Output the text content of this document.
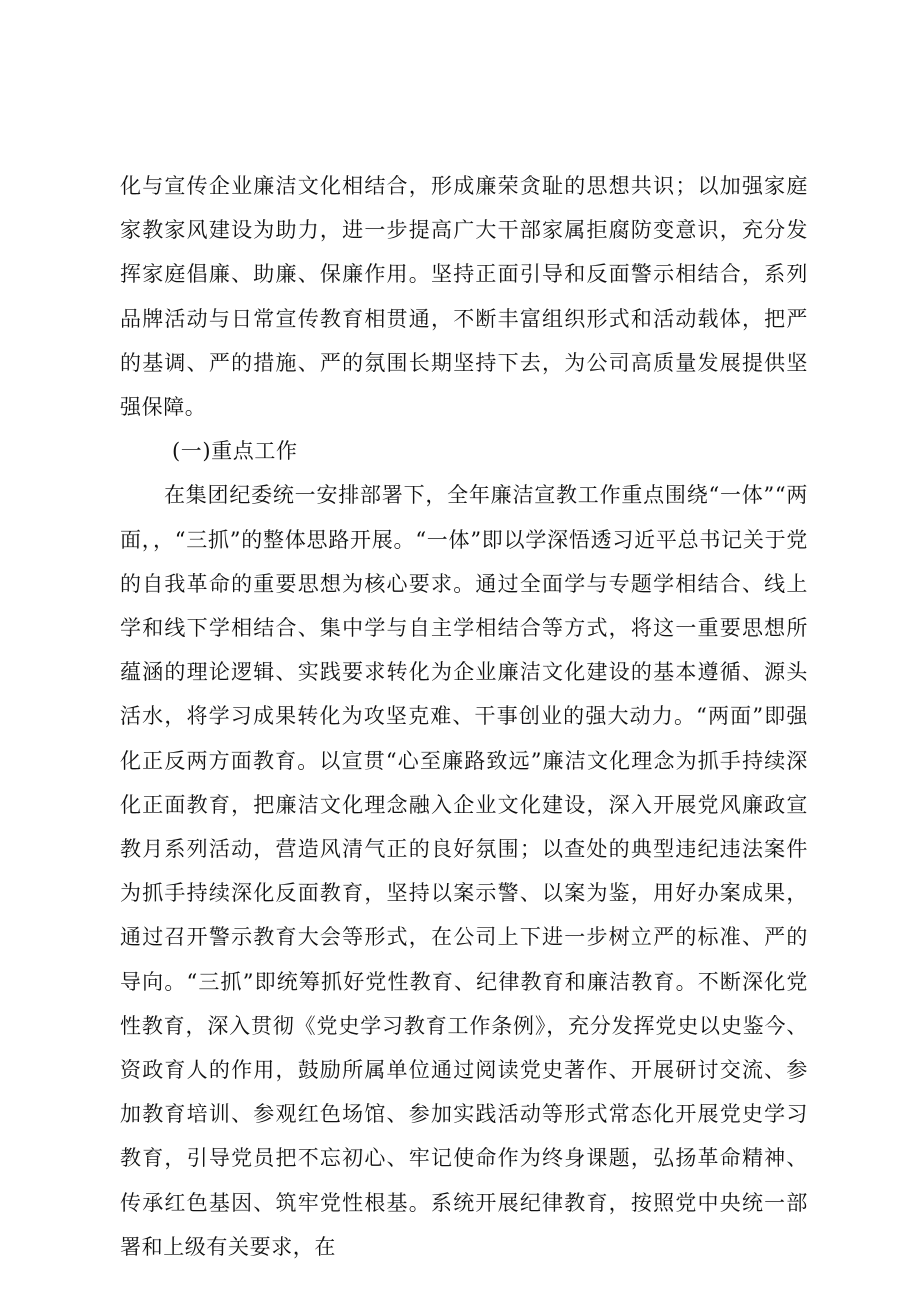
化与宣传企业廉洁文化相结合，形成廉荣贪耻的思想共识；以加强家庭家教家风建设为助力，进一步提高广大干部家属拒腐防变意识，充分发挥家庭倡廉、助廉、保廉作用。坚持正面引导和反面警示相结合，系列品牌活动与日常宣传教育相贯通，不断丰富组织形式和活动载体，把严的基调、严的措施、严的氛围长期坚持下去，为公司高质量发展提供坚强保障。

(一)重点工作

在集团纪委统一安排部署下，全年廉洁宣教工作重点围绕“一体”“两面，，“三抓”的整体思路开展。“一体”即以学深悟透习近平总书记关于党的自我革命的重要思想为核心要求。通过全面学与专题学相结合、线上学和线下学相结合、集中学与自主学相结合等方式，将这一重要思想所蕴涵的理论逻辑、实践要求转化为企业廉洁文化建设的基本遵循、源头活水，将学习成果转化为攻坚克难、干事创业的强大动力。“两面”即强化正反两方面教育。以宣贯“心至廉路致远”廉洁文化理念为抓手持续深化正面教育，把廉洁文化理念融入企业文化建设，深入开展党风廉政宣教月系列活动，营造风清气正的良好氛围；以查处的典型违纪违法案件为抓手持续深化反面教育，坚持以案示警、以案为鉴，用好办案成果，通过召开警示教育大会等形式，在公司上下进一步树立严的标准、严的导向。“三抓”即统筹抓好党性教育、纪律教育和廉洁教育。不断深化党性教育，深入贯彻《党史学习教育工作条例》，充分发挥党史以史鉴今、资政育人的作用，鼓励所属单位通过阅读党史著作、开展研讨交流、参加教育培训、参观红色场馆、参加实践活动等形式常态化开展党史学习教育，引导党员把不忘初心、牢记使命作为终身课题，弘扬革命精神、传承红色基因、筑牢党性根基。系统开展纪律教育，按照党中央统一部署和上级有关要求，在
